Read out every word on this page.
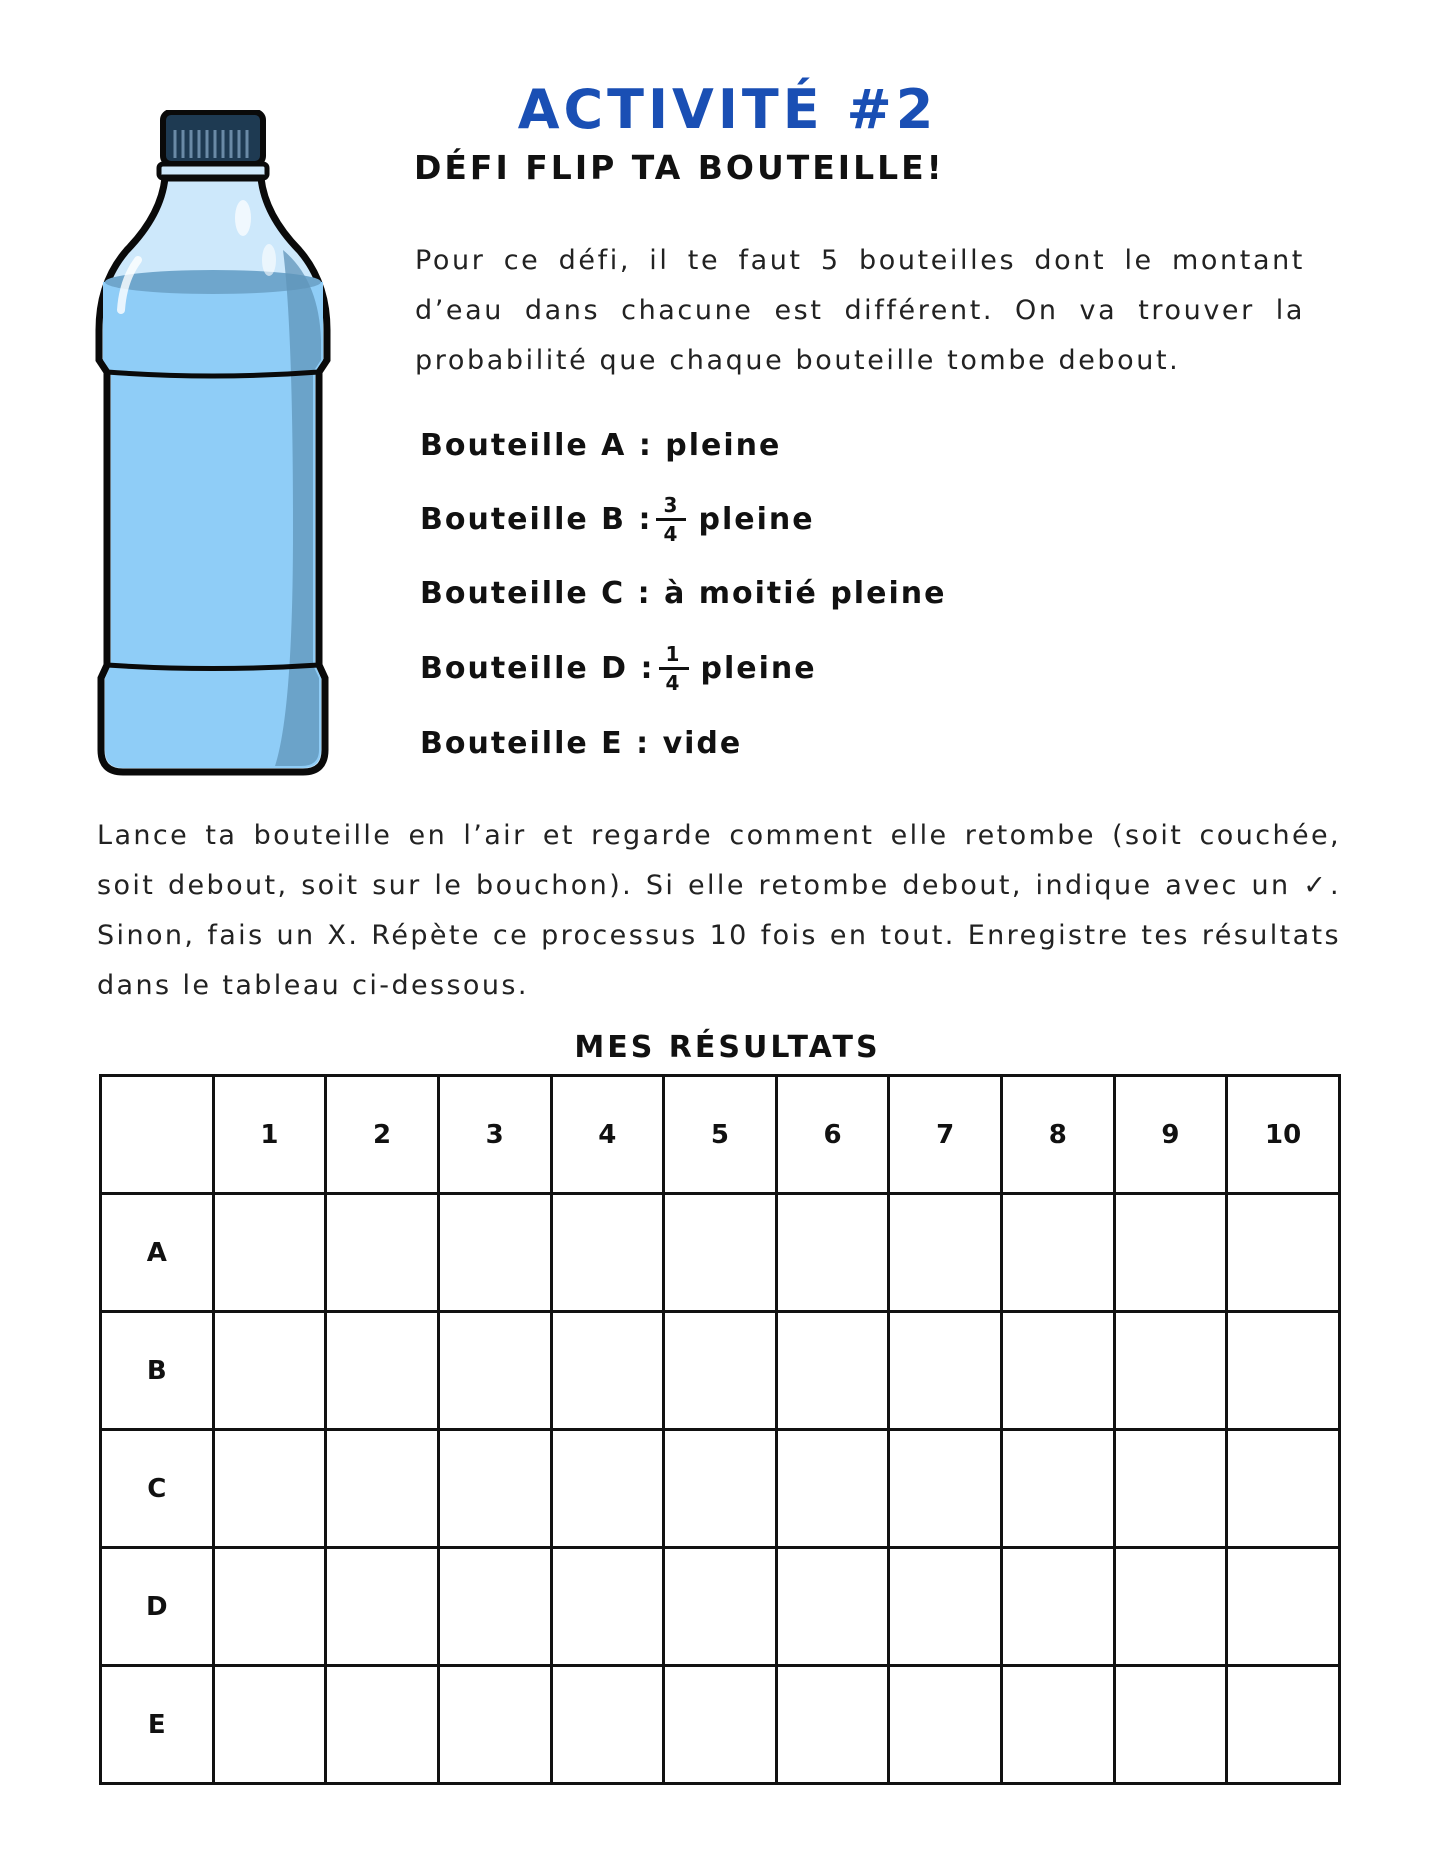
ACTIVITÉ #2
DÉFI FLIP TA BOUTEILLE!

Pour ce défi, il te faut 5 bouteilles dont le montant d’eau dans chacune est différent. On va trouver la probabilité que chaque bouteille tombe debout.

Bouteille A :
pleine
Bouteille B : $\frac{3}{4}$ pleine
Bouteille C :
à moitié pleine
Bouteille D : $\frac{1}{4}$ pleine
Bouteille E :
vide

Lance ta bouteille en l’air et regarde comment elle retombe (soit couchée, soit debout, soit sur le bouchon). Si elle retombe debout, indique avec un ✓. Sinon, fais un X. Répète ce processus 10 fois en tout. Enregistre tes résultats dans le tableau ci-dessous.

MES RÉSULTATS
	1	2	3	4	5	6	7	8	9	10
A										
B										
C										
D										
E										
